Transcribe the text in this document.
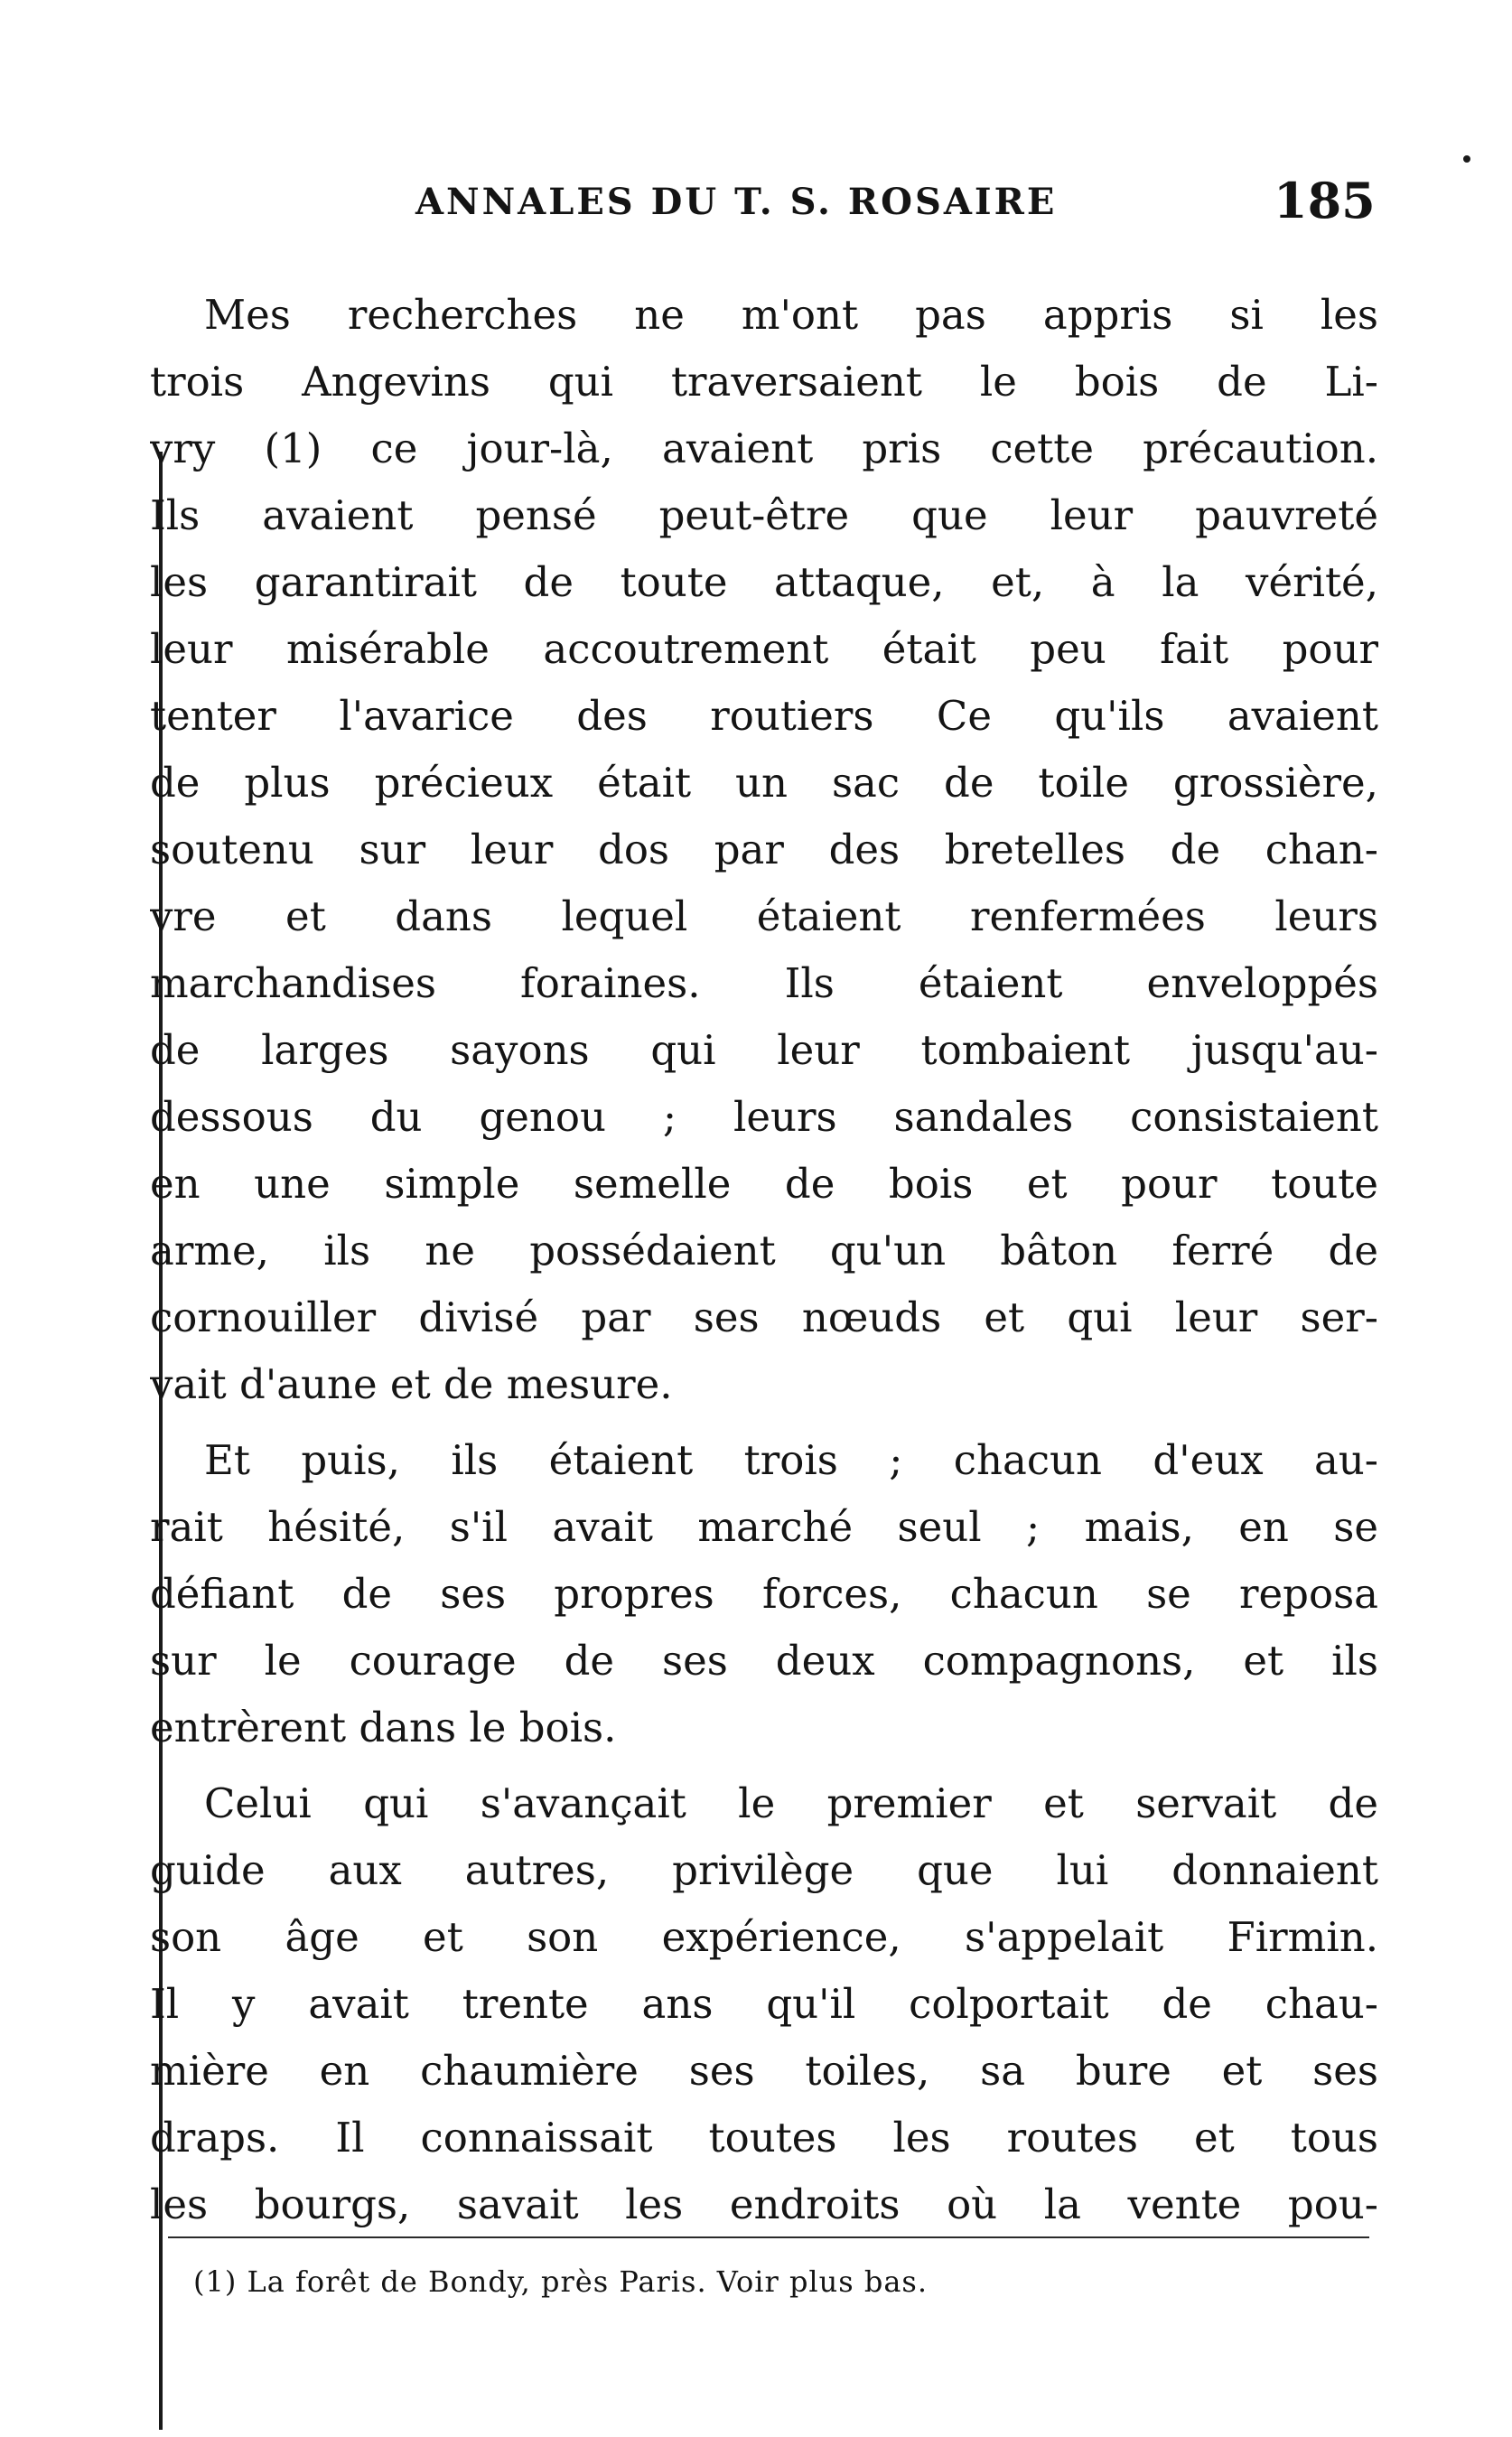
ANNALES DU T. S. ROSAIRE	185
Mes recherches ne m'ont pas appris si les
trois Angevins qui traversaient le bois de Li-
vry (1) ce jour-là, avaient pris cette précaution.
Ils avaient pensé peut-être que leur pauvreté
les garantirait de toute attaque, et, à la vérité,
leur misérable accoutrement était peu fait pour
tenter l'avarice des routiers Ce qu'ils avaient
de plus précieux était un sac de toile grossière,
soutenu sur leur dos par des bretelles de chan-
vre et dans lequel étaient renfermées leurs
marchandises foraines. Ils étaient enveloppés
de larges sayons qui leur tombaient jusqu'au-
dessous du genou ; leurs sandales consistaient
en une simple semelle de bois et pour toute
arme, ils ne possédaient qu'un bâton ferré de
cornouiller divisé par ses nœuds et qui leur ser-
vait d'aune et de mesure.
Et puis, ils étaient trois ; chacun d'eux au-
rait hésité, s'il avait marché seul ; mais, en se
défiant de ses propres forces, chacun se reposa
sur le courage de ses deux compagnons, et ils
entrèrent dans le bois.
Celui qui s'avançait le premier et servait de
guide aux autres, privilège que lui donnaient
son âge et son expérience, s'appelait Firmin.
Il y avait trente ans qu'il colportait de chau-
mière en chaumière ses toiles, sa bure et ses
draps. Il connaissait toutes les routes et tous
les bourgs, savait les endroits où la vente pou-
(1) La forêt de Bondy, près Paris. Voir plus bas.
